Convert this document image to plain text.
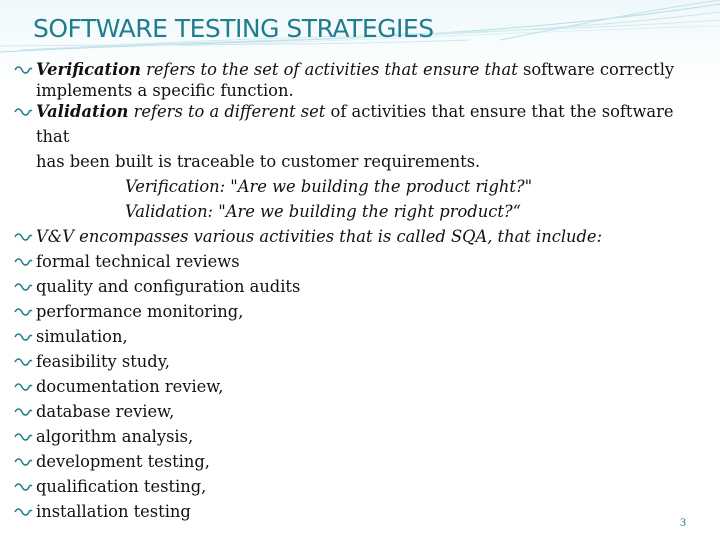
SOFTWARE TESTING STRATEGIES
Verification refers to the set of activities that ensure that software correctly
implements a specific function.
Validation refers to a different set of activities that ensure that the software that
has been built is traceable to customer requirements.
Verification: "Are we building the product right?"
Validation: "Are we building the right product?“
V&V encompasses various activities that is called SQA, that include:
formal technical reviews
quality and configuration audits
performance monitoring,
simulation,
feasibility study,
documentation review,
database review,
algorithm analysis,
development testing,
qualification testing,
installation testing
3
